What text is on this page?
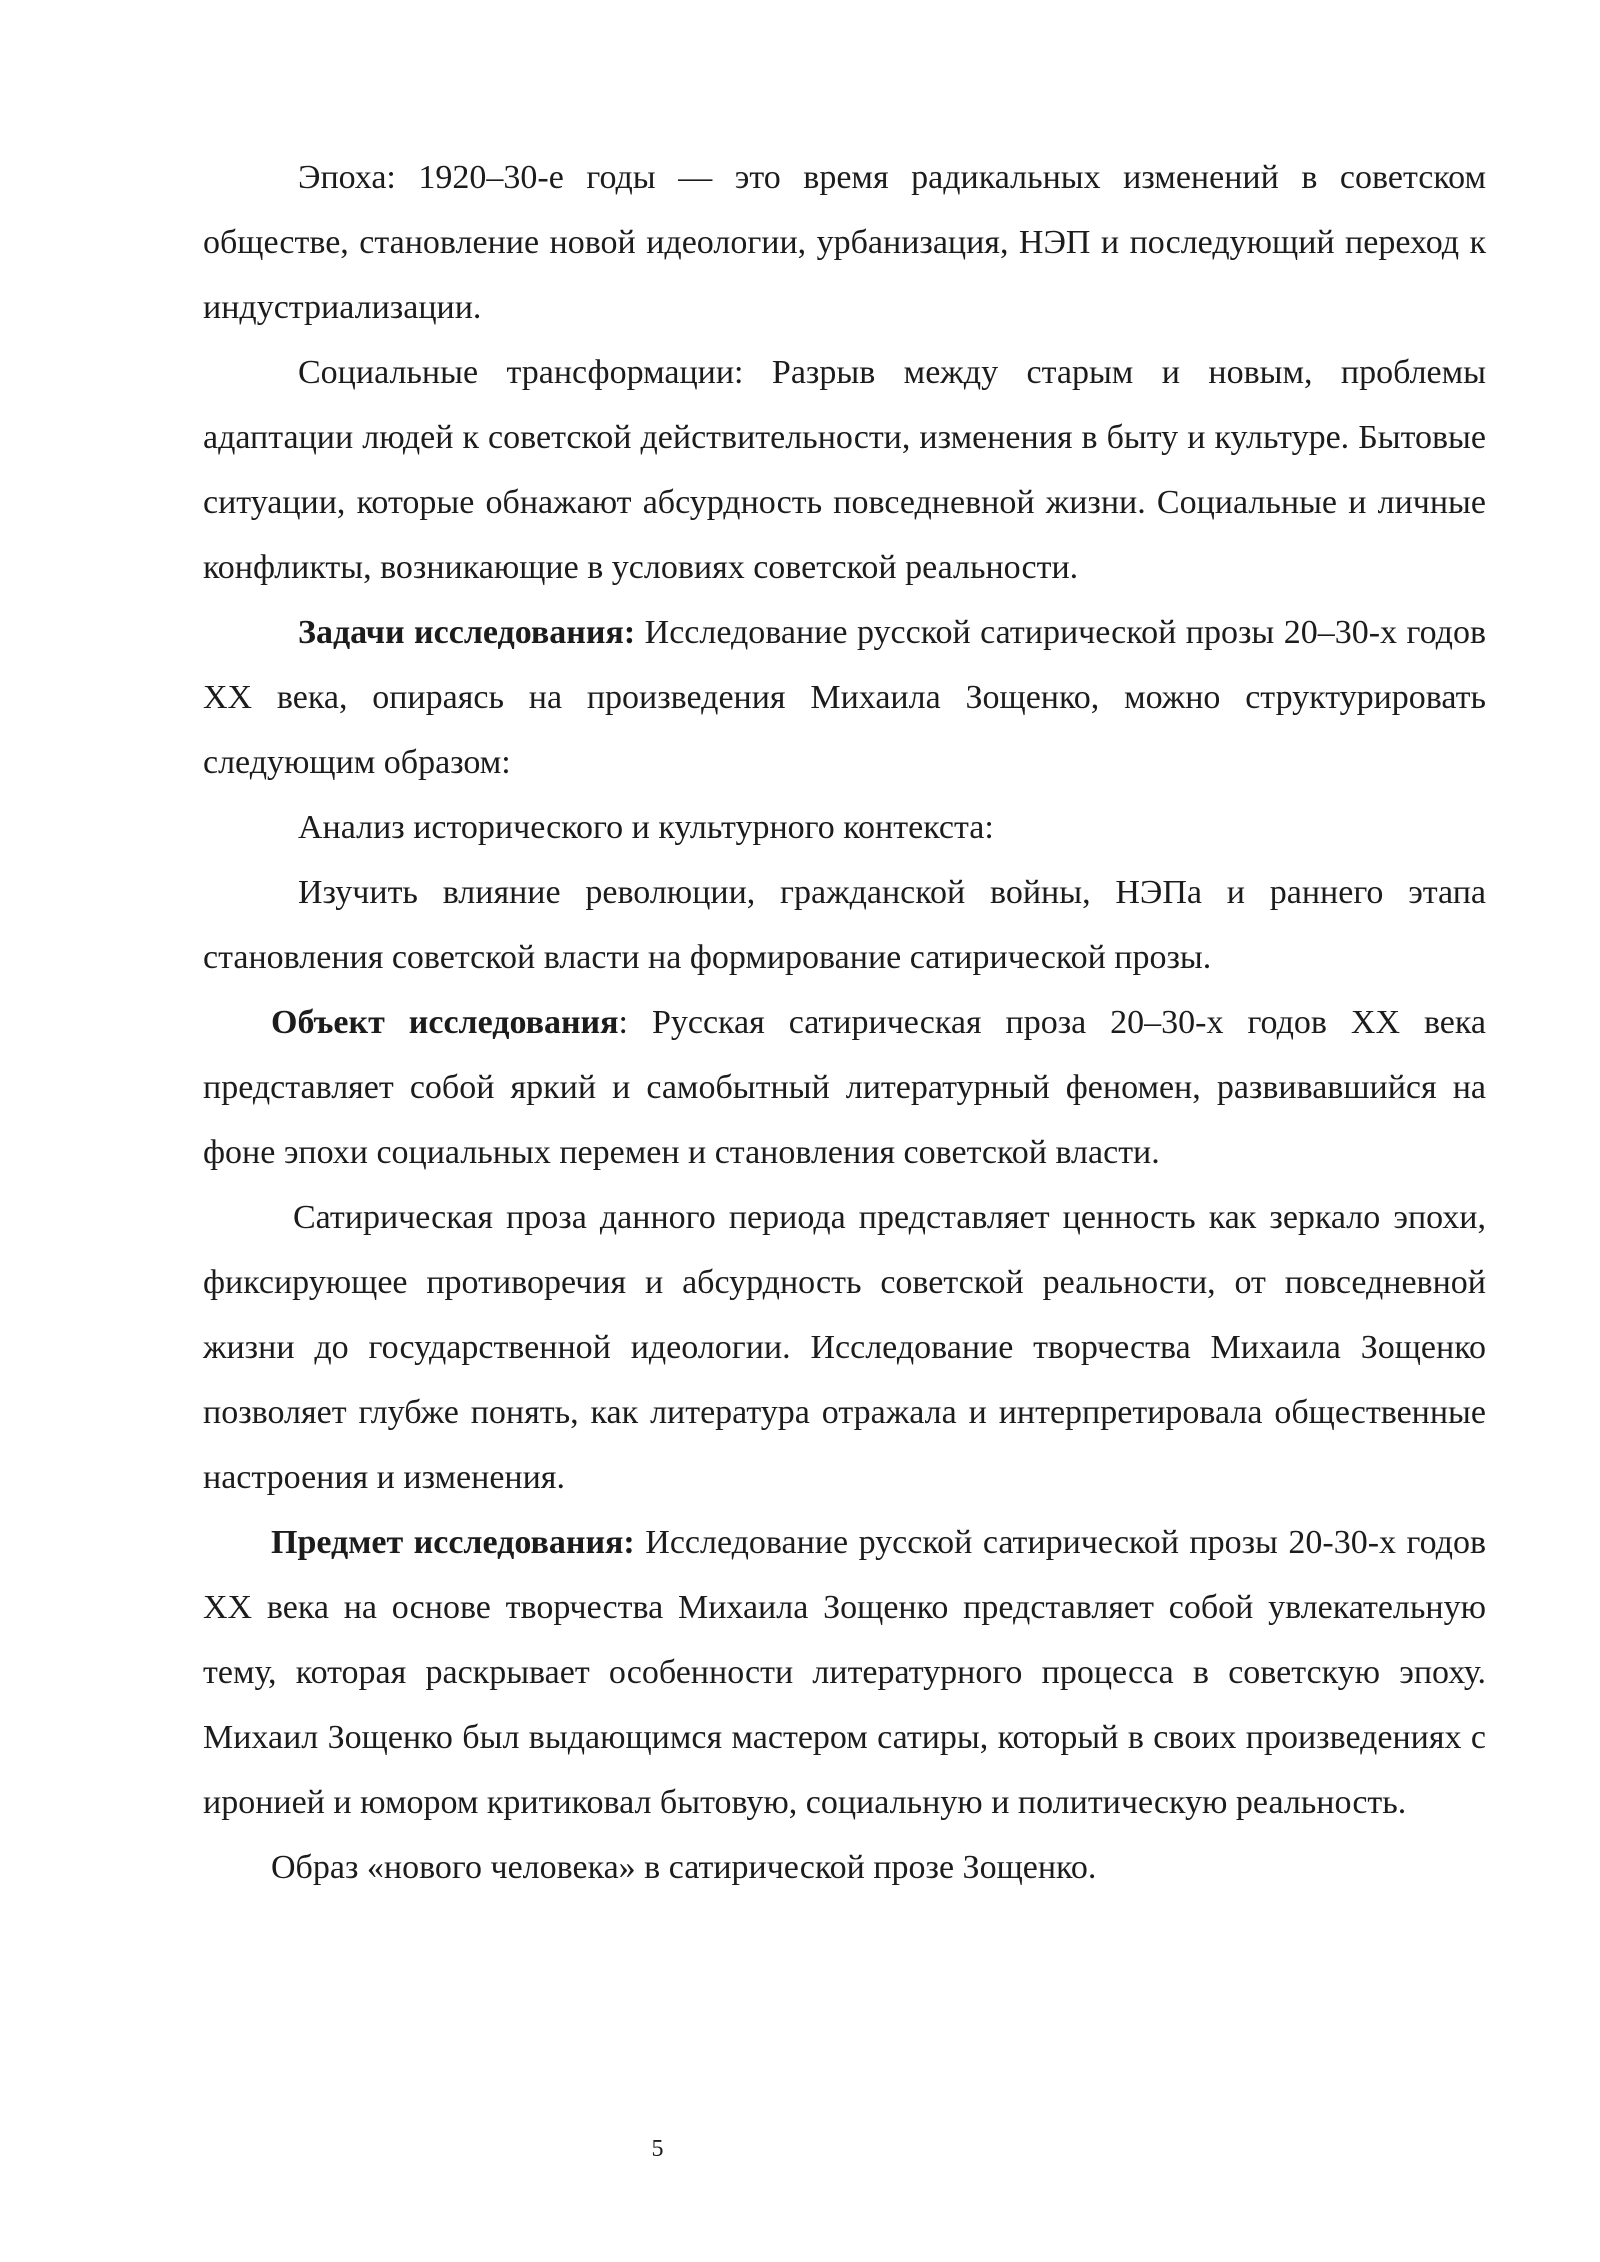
Эпоха: 1920–30-е годы — это время радикальных изменений в советском обществе, становление новой идеологии, урбанизация, НЭП и последующий переход к индустриализации.

Социальные трансформации: Разрыв между старым и новым, проблемы адаптации людей к советской действительности, изменения в быту и культуре. Бытовые ситуации, которые обнажают абсурдность повседневной жизни. Социальные и личные конфликты, возникающие в условиях советской реальности.

Задачи исследования: Исследование русской сатирической прозы 20–30-х годов XX века, опираясь на произведения Михаила Зощенко, можно структурировать следующим образом:

Анализ исторического и культурного контекста:

Изучить влияние революции, гражданской войны, НЭПа и раннего этапа становления советской власти на формирование сатирической прозы.

Объект исследования: Русская сатирическая проза 20–30-х годов XX века представляет собой яркий и самобытный литературный феномен, развивавшийся на фоне эпохи социальных перемен и становления советской власти.

Сатирическая проза данного периода представляет ценность как зеркало эпохи, фиксирующее противоречия и абсурдность советской реальности, от повседневной жизни до государственной идеологии. Исследование творчества Михаила Зощенко позволяет глубже понять, как литература отражала и интерпретировала общественные настроения и изменения.

Предмет исследования: Исследование русской сатирической прозы 20-30-х годов XX века на основе творчества Михаила Зощенко представляет собой увлекательную тему, которая раскрывает особенности литературного процесса в советскую эпоху. Михаил Зощенко был выдающимся мастером сатиры, который в своих произведениях с иронией и юмором критиковал бытовую, социальную и политическую реальность.

Образ «нового человека» в сатирической прозе Зощенко.

5
